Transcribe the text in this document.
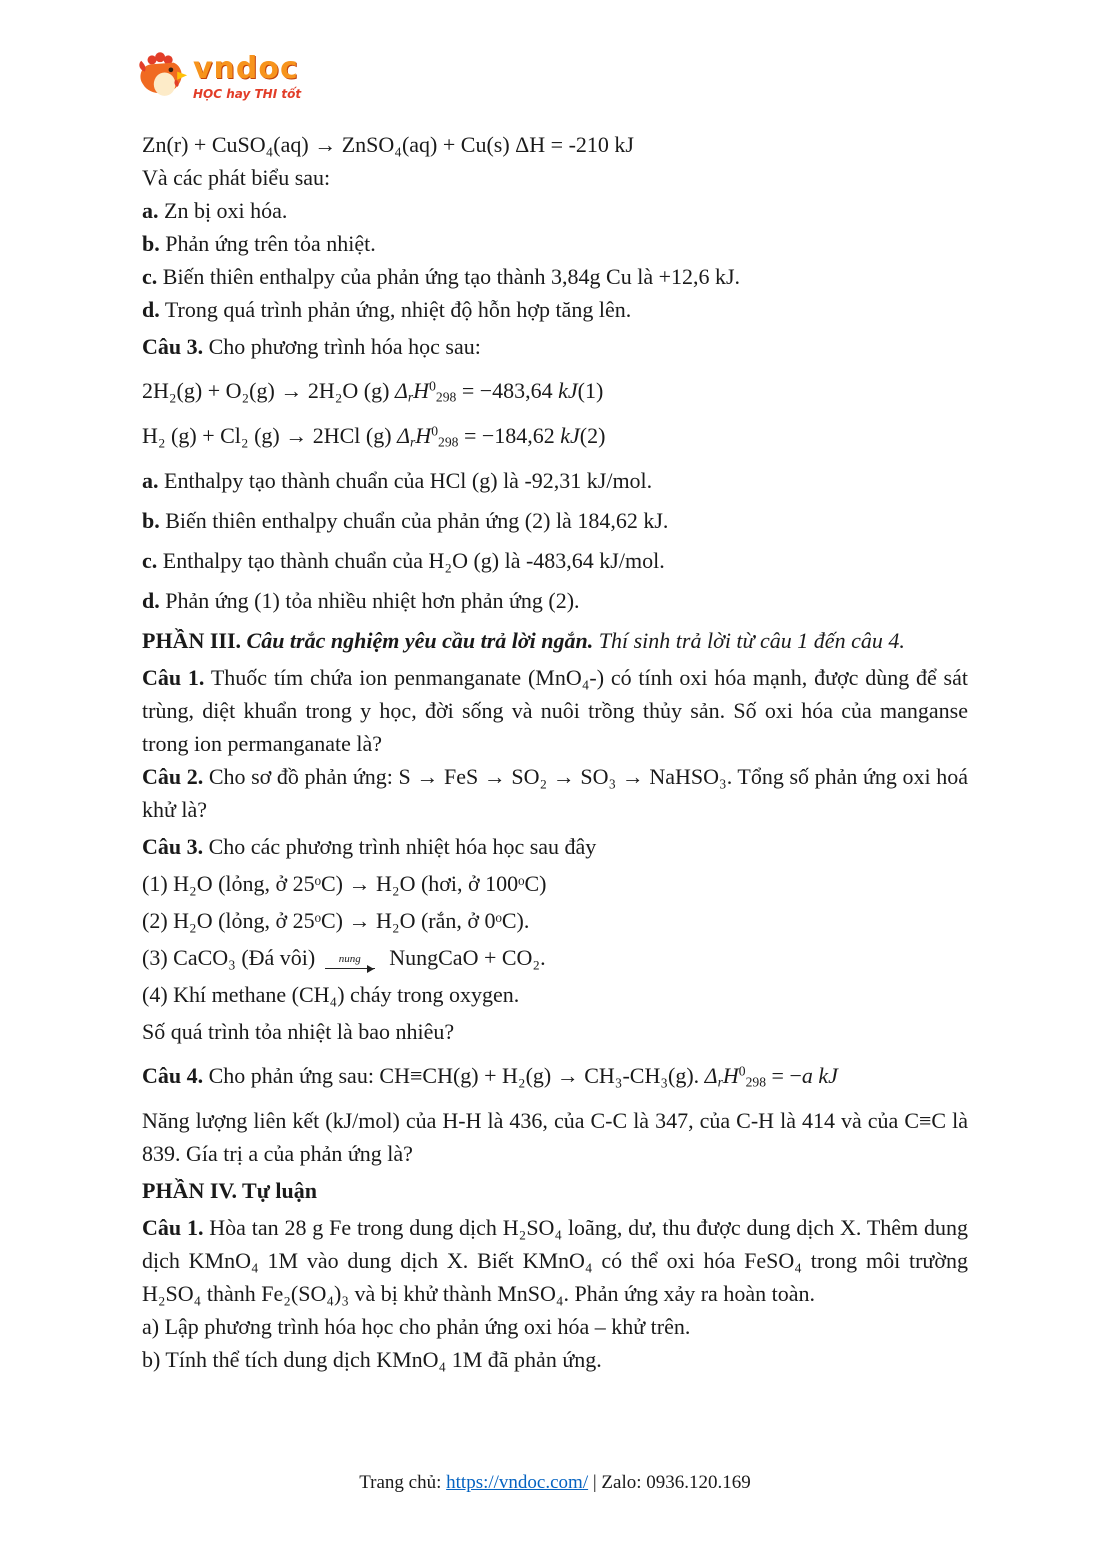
vndoc
HỌC hay THI tốt

Zn(r) + CuSO₄(aq) → ZnSO₄(aq) + Cu(s) ΔH = -210 kJ

Và các phát biểu sau:

a. Zn bị oxi hóa.

b. Phản ứng trên tỏa nhiệt.

c. Biến thiên enthalpy của phản ứng tạo thành 3,84g Cu là +12,6 kJ.

d. Trong quá trình phản ứng, nhiệt độ hỗn hợp tăng lên.

Câu 3. Cho phương trình hóa học sau:

2H₂(g) + O₂(g) → 2H₂O (g) $\Delta_rH^0_{298} = -483,64$ kJ(1)

H₂ (g) + Cl₂ (g) → 2HCl (g) $\Delta_rH^0_{298} = -184,62$ kJ(2)

a. Enthalpy tạo thành chuẩn của HCl (g) là -92,31 kJ/mol.

b. Biến thiên enthalpy chuẩn của phản ứng (2) là 184,62 kJ.

c. Enthalpy tạo thành chuẩn của H₂O (g) là -483,64 kJ/mol.

d. Phản ứng (1) tỏa nhiều nhiệt hơn phản ứng (2).

PHẦN III. Câu trắc nghiệm yêu cầu trả lời ngắn. Thí sinh trả lời từ câu 1 đến câu 4.

Câu 1. Thuốc tím chứa ion penmanganate (MnO₄-) có tính oxi hóa mạnh, được dùng để sát trùng, diệt khuẩn trong y học, đời sống và nuôi trồng thủy sản. Số oxi hóa của manganse trong ion permanganate là?

Câu 2. Cho sơ đồ phản ứng: S → FeS → SO₂ → SO₃ → NaHSO₃. Tổng số phản ứng oxi hoá khử là?

Câu 3. Cho các phương trình nhiệt hóa học sau đây

(1) H₂O (lỏng, ở 25ᵒC) → H₂O (hơi, ở 100ᵒC)

(2) H₂O (lỏng, ở 25ᵒC) → H₂O (rắn, ở 0ᵒC).

(3) CaCO₃ (Đá vôi) nung NungCaO + CO₂.

(4) Khí methane (CH₄) cháy trong oxygen.

Số quá trình tỏa nhiệt là bao nhiêu?

Câu 4. Cho phản ứng sau: CH≡CH(g) + H₂(g) → CH₃-CH₃(g). $\Delta_rH^0_{298} = -a$ kJ

Năng lượng liên kết (kJ/mol) của H-H là 436, của C-C là 347, của C-H là 414 và của C≡C là 839. Gía trị a của phản ứng là?

PHẦN IV. Tự luận

Câu 1. Hòa tan 28 g Fe trong dung dịch H₂SO₄ loãng, dư, thu được dung dịch X. Thêm dung dịch KMnO₄ 1M vào dung dịch X. Biết KMnO₄ có thể oxi hóa FeSO₄ trong môi trường H₂SO₄ thành Fe₂(SO₄)₃ và bị khử thành MnSO₄. Phản ứng xảy ra hoàn toàn.

a) Lập phương trình hóa học cho phản ứng oxi hóa – khử trên.

b) Tính thể tích dung dịch KMnO₄ 1M đã phản ứng.

Trang chủ: https://vndoc.com/ | Zalo: 0936.120.169
